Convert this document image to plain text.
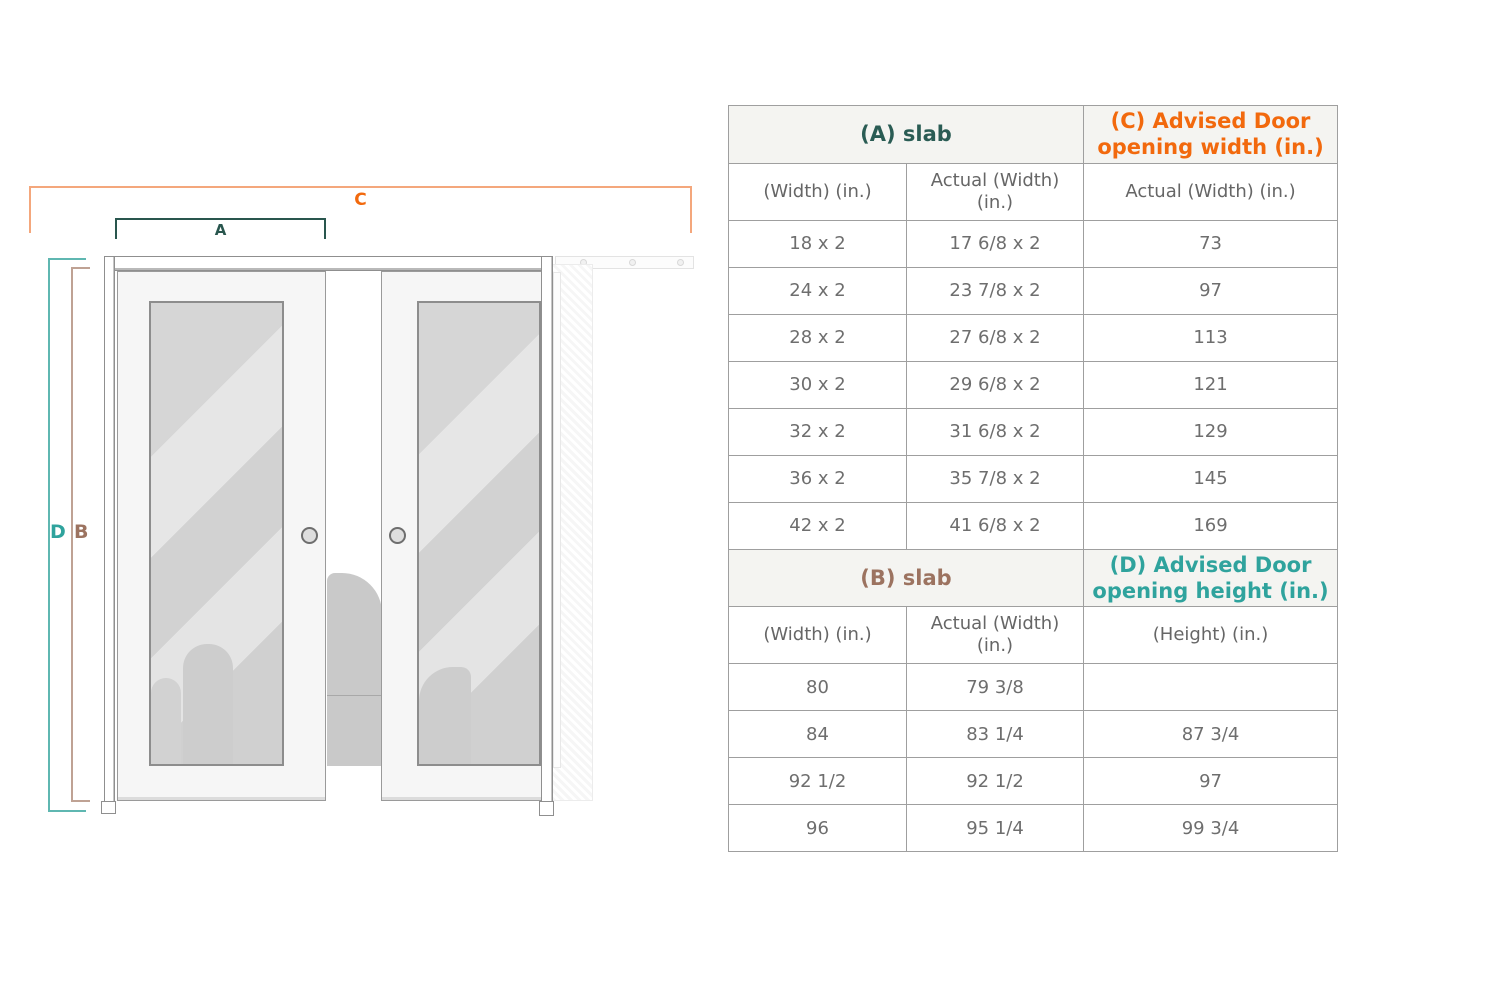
C
A
D B
(A) slab		(C) Advised Door opening width (in.)
(Width) (in.)	Actual (Width) (in.)	Actual (Width) (in.)
18 x 2	17 6/8 x 2	73
24 x 2	23 7/8 x 2	97
28 x 2	27 6/8 x 2	113
30 x 2	29 6/8 x 2	121
32 x 2	31 6/8 x 2	129
36 x 2	35 7/8 x 2	145
42 x 2	41 6/8 x 2	169
(B) slab		(D) Advised Door opening height (in.)
(Width) (in.)	Actual (Width) (in.)	(Height) (in.)
80	79 3/8	
84	83 1/4	87 3/4
92 1/2	92 1/2	97
96	95 1/4	99 3/4
